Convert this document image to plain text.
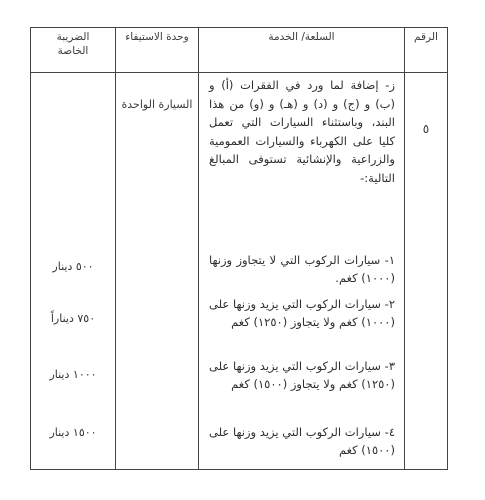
الرقم
السلعة/ الخدمة
وحدة الاستيفاء
الضريبة الخاصة
٥
السيارة الواحدة
ز- إضافة لما ورد في الفقرات (أ) و (ب) و (ج) و (د) و (هـ) و (و) من هذا البند، وباستثناء السيارات التي تعمل كليا على الكهرباء والسيارات العمومية والزراعية والإنشائية تستوفى المبالغ التالية:-
١- سيارات الركوب التي لا يتجاوز وزنها (١٠٠٠) كغم.
٢- سيارات الركوب التي يزيد وزنها على (١٠٠٠) كغم ولا يتجاوز (١٢٥٠) كغم
٣- سيارات الركوب التي يزيد وزنها على (١٢٥٠) كغم ولا يتجاوز (١٥٠٠) كغم
٤- سيارات الركوب التي يزيد وزنها على (١٥٠٠) كغم
٥٠٠ دينار
٧٥٠ ديناراً
١٠٠٠ دينار
١٥٠٠ دينار
